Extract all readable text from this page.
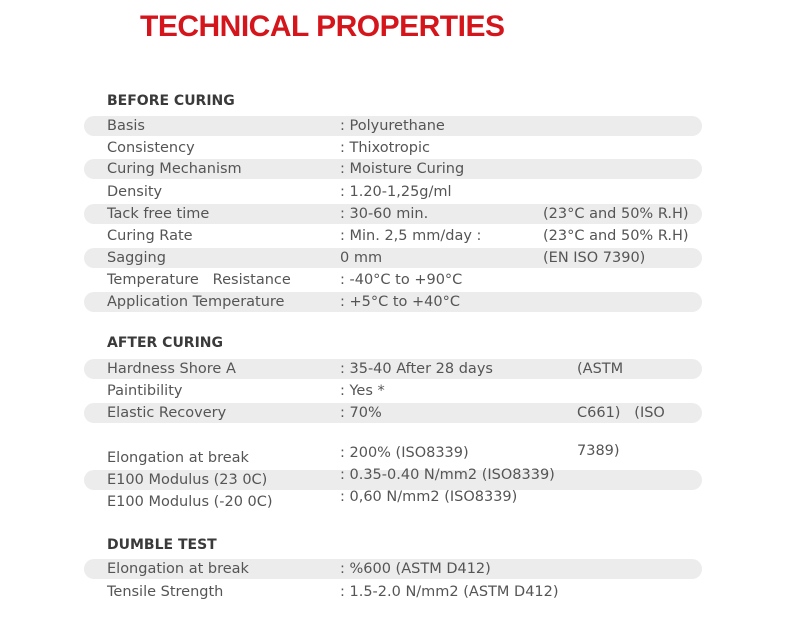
TECHNICAL PROPERTIES
BEFORE CURING
Basis	: Polyurethane
Consistency	: Thixotropic
Curing Mechanism	: Moisture Curing
Density	: 1.20-1,25g/ml
Tack free time	: 30-60 min.	(23°C and 50% R.H)
Curing Rate	: Min. 2,5 mm/day :	(23°C and 50% R.H)
Sagging	0 mm	(EN ISO 7390)
Temperature   Resistance	: -40°C to +90°C
Application Temperature	: +5°C to +40°C
AFTER CURING
Hardness Shore A	: 35-40 After 28 days	(ASTM
Paintibility	: Yes *
Elastic Recovery	: 70%	C661)   (ISO
7389)
Elongation at break	: 200% (ISO8339)
E100 Modulus (23 0C)	: 0.35-0.40 N/mm2 (ISO8339)
E100 Modulus (-20 0C)	: 0,60 N/mm2 (ISO8339)
DUMBLE TEST
Elongation at break	: %600 (ASTM D412)
Tensile Strength	: 1.5-2.0 N/mm2 (ASTM D412)
